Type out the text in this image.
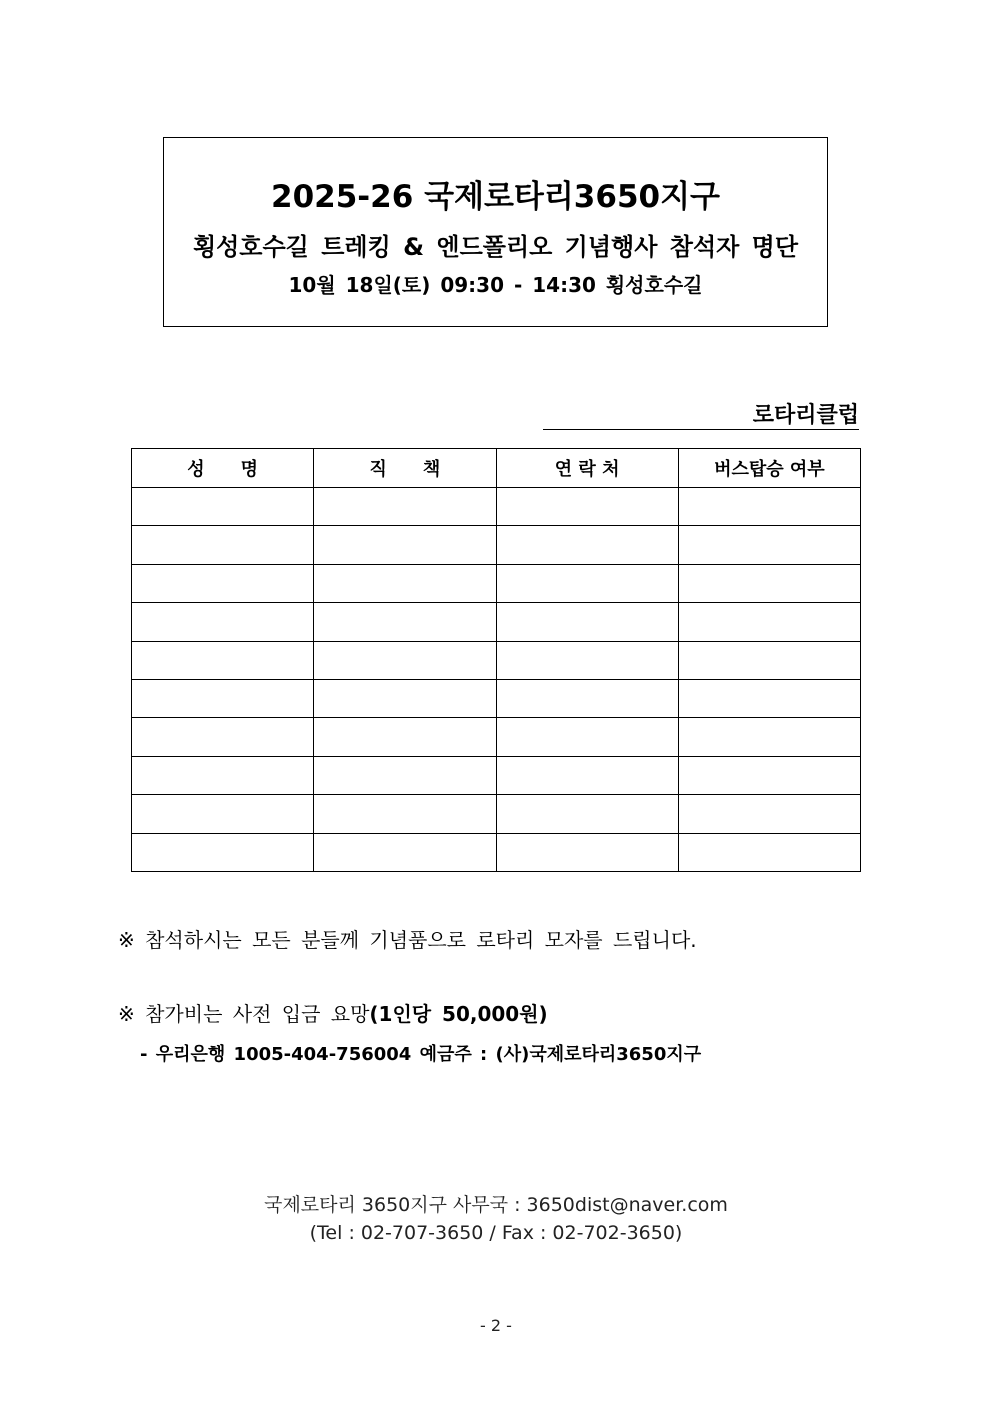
2025-26 국제로타리3650지구
횡성호수길 트레킹 & 엔드폴리오 기념행사 참석자 명단
10월 18일(토) 09:30 - 14:30 횡성호수길
로타리클럽
성　　명	직　　책	연 락 처	버스탑승 여부

※ 참석하시는 모든 분들께 기념품으로 로타리 모자를 드립니다.
※ 참가비는 사전 입금 요망(1인당 50,000원)
- 우리은행 1005-404-756004 예금주 : (사)국제로타리3650지구
국제로타리 3650지구 사무국 : 3650dist@naver.com
(Tel : 02-707-3650 / Fax : 02-702-3650)
- 2 -
